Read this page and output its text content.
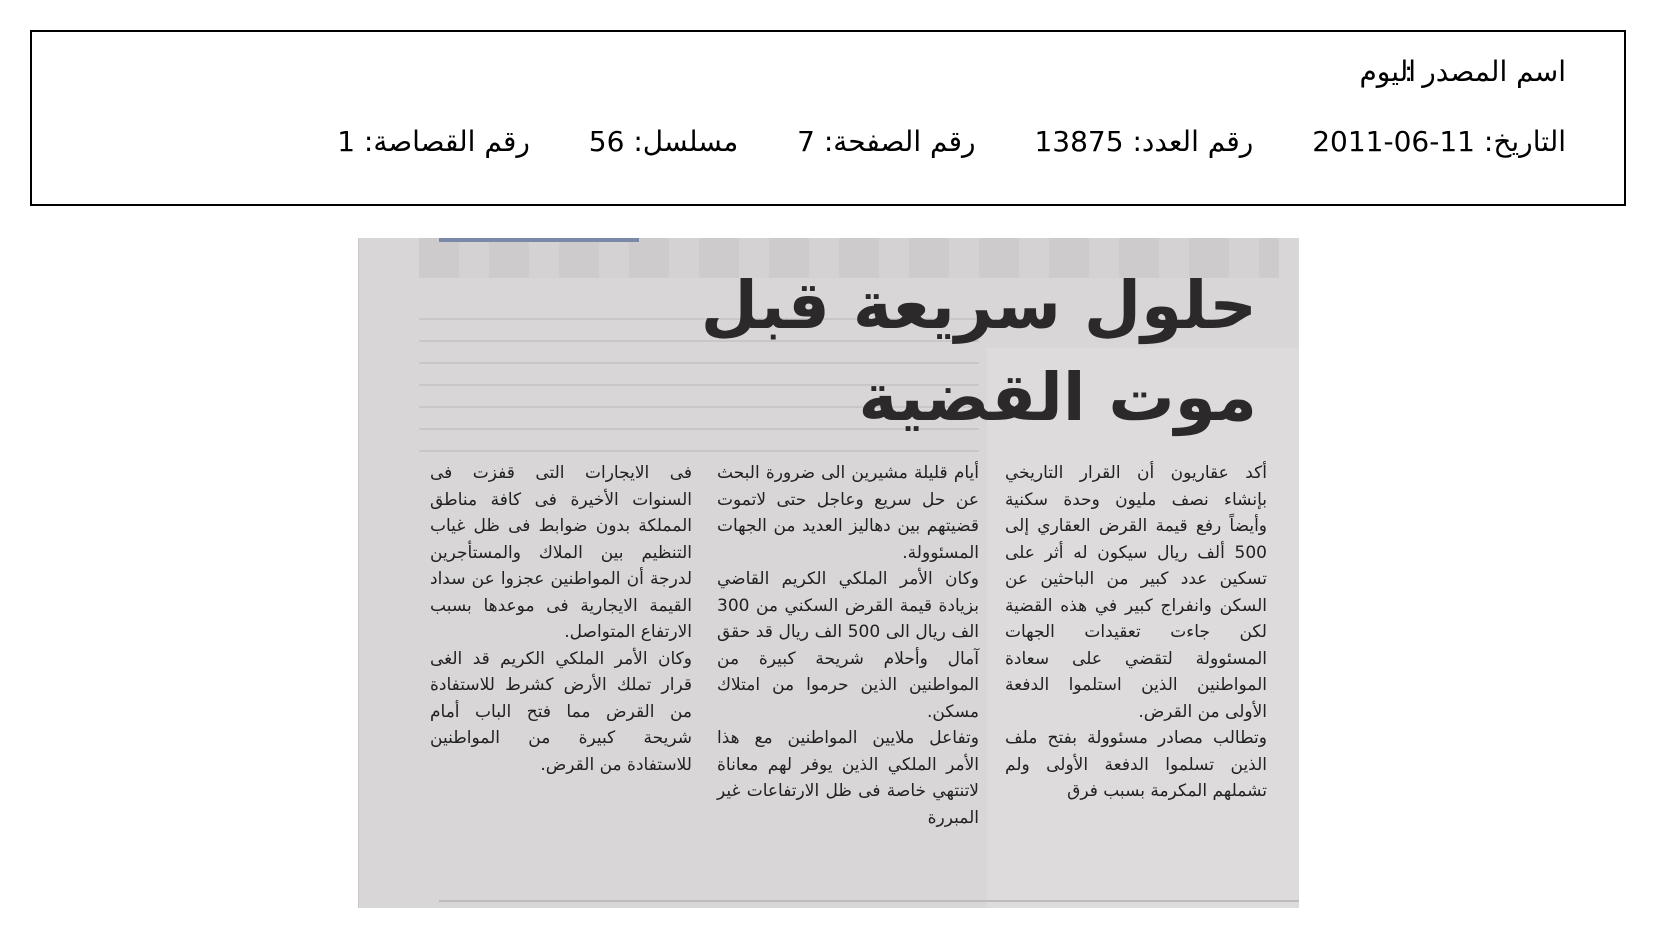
اسم المصدر :اليوم
التاريخ: 11-06-2011 رقم العدد: 13875 رقم الصفحة: 7 مسلسل: 56 رقم القصاصة: 1
حلول سريعة قبل موت القضية

أكد عقاريون أن القرار التاريخي بإنشاء نصف مليون وحدة سكنية وأيضاً رفع قيمة القرض العقاري إلى 500 ألف ريال سيكون له أثر على تسكين عدد كبير من الباحثين عن السكن وانفراج كبير في هذه القضية لكن جاءت تعقيدات الجهات المسئوولة لتقضي على سعادة المواطنين الذين استلموا الدفعة الأولى من القرض.

وتطالب مصادر مسئوولة بفتح ملف الذين تسلموا الدفعة الأولى ولم تشملهم المكرمة بسبب فرق

أيام قليلة مشيرين الى ضرورة البحث عن حل سريع وعاجل حتى لاتموت قضيتهم بين دهاليز العديد من الجهات المسئوولة.

وكان الأمر الملكي الكريم القاضي بزيادة قيمة القرض السكني من 300 الف ريال الى 500 الف ريال قد حقق آمال وأحلام شريحة كبيرة من المواطنين الذين حرموا من امتلاك مسكن.

وتفاعل ملايين المواطنين مع هذا الأمر الملكي الذين يوفر لهم معاناة لاتنتهي خاصة فى ظل الارتفاعات غير المبررة

فى الايجارات التى قفزت فى السنوات الأخيرة فى كافة مناطق المملكة بدون ضوابط فى ظل غياب التنظيم بين الملاك والمستأجرين لدرجة أن المواطنين عجزوا عن سداد القيمة الايجارية فى موعدها بسبب الارتفاع المتواصل.

وكان الأمر الملكي الكريم قد الغى قرار تملك الأرض كشرط للاستفادة من القرض مما فتح الباب أمام شريحة كبيرة من المواطنين للاستفادة من القرض.
